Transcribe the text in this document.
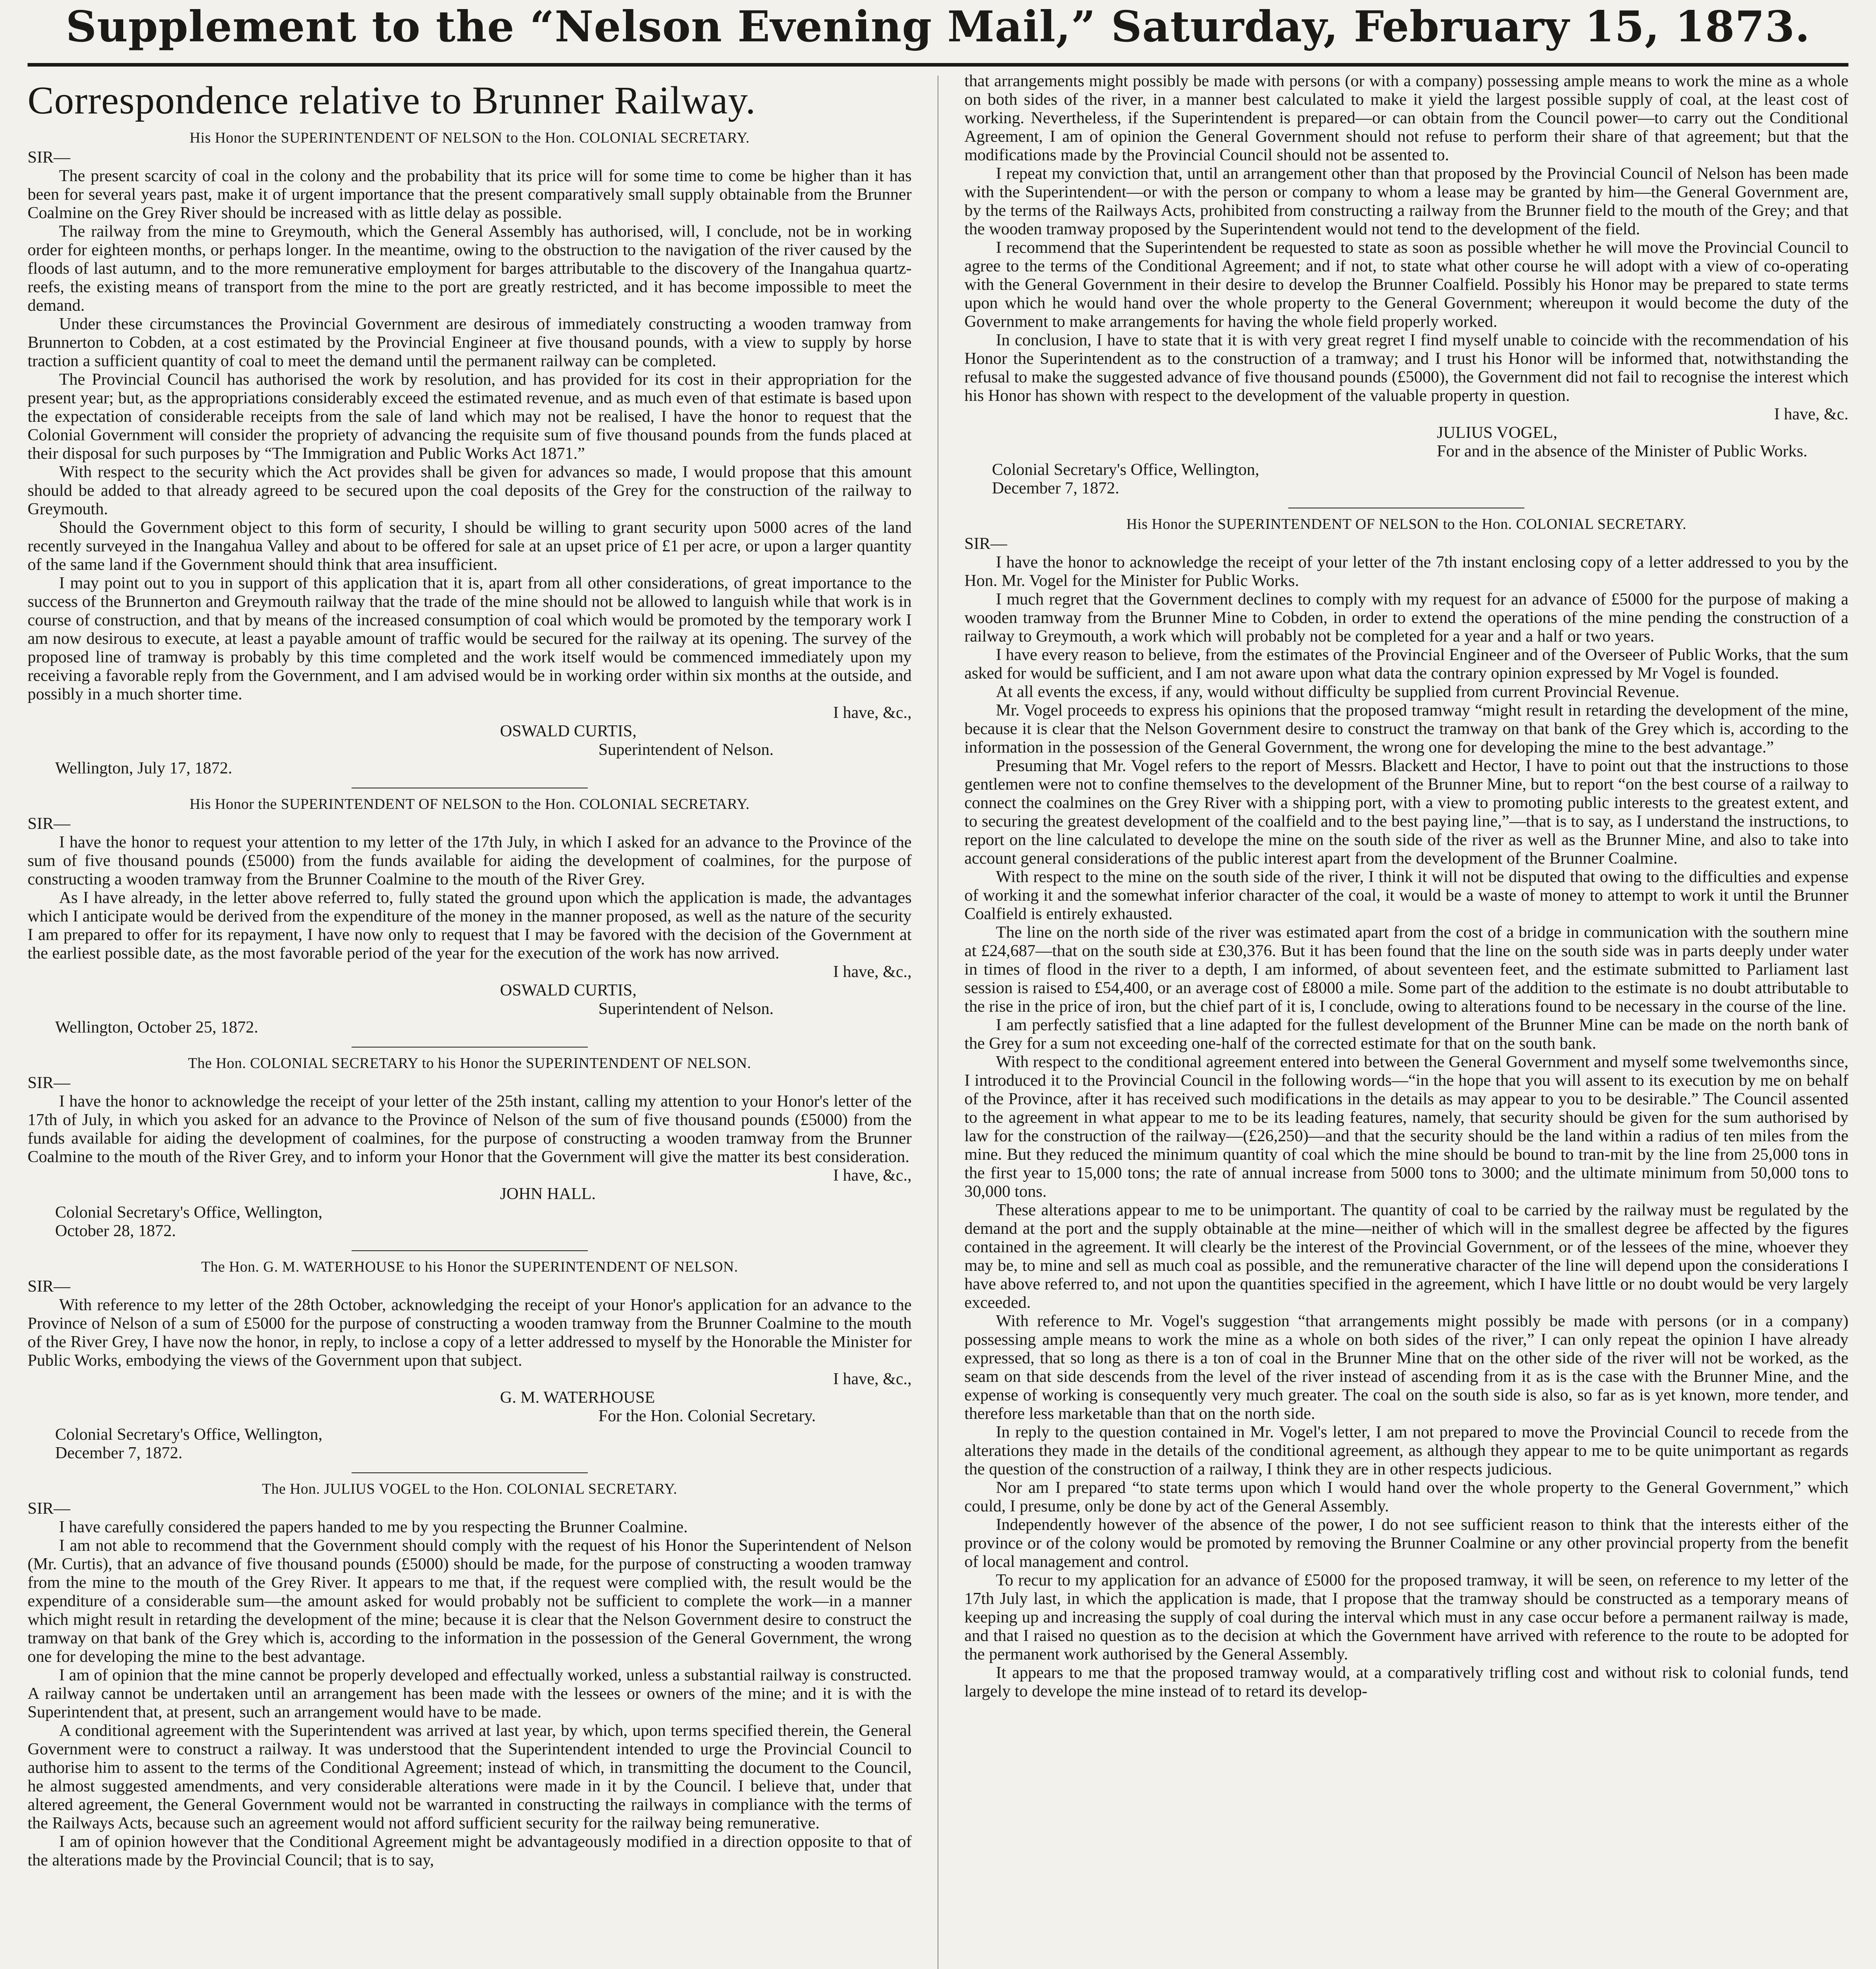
Supplement to the “Nelson Evening Mail,” Saturday, February 15, 1873.
Correspondence relative to Brunner Railway.
His Honor the SUPERINTENDENT OF NELSON to the Hon. COLONIAL SECRETARY.

SIR—

The present scarcity of coal in the colony and the probability that its price will for some time to come be higher than it has been for several years past, make it of urgent importance that the present comparatively small supply obtainable from the Brunner Coalmine on the Grey River should be increased with as little delay as possible.

The railway from the mine to Greymouth, which the General Assembly has authorised, will, I conclude, not be in working order for eighteen months, or perhaps longer. In the meantime, owing to the obstruction to the navigation of the river caused by the floods of last autumn, and to the more remunerative employment for barges attributable to the discovery of the Inangahua quartz-reefs, the existing means of transport from the mine to the port are greatly restricted, and it has become impossible to meet the demand.

Under these circumstances the Provincial Government are desirous of immediately constructing a wooden tramway from Brunnerton to Cobden, at a cost estimated by the Provincial Engineer at five thousand pounds, with a view to supply by horse traction a sufficient quantity of coal to meet the demand until the permanent railway can be completed.

The Provincial Council has authorised the work by resolution, and has provided for its cost in their appropriation for the present year; but, as the appropriations considerably exceed the estimated revenue, and as much even of that estimate is based upon the expectation of considerable receipts from the sale of land which may not be realised, I have the honor to request that the Colonial Government will consider the propriety of advancing the requisite sum of five thousand pounds from the funds placed at their disposal for such purposes by “The Immigration and Public Works Act 1871.”

With respect to the security which the Act provides shall be given for advances so made, I would propose that this amount should be added to that already agreed to be secured upon the coal deposits of the Grey for the construction of the railway to Greymouth.

Should the Government object to this form of security, I should be willing to grant security upon 5000 acres of the land recently surveyed in the Inangahua Valley and about to be offered for sale at an upset price of £1 per acre, or upon a larger quantity of the same land if the Government should think that area insufficient.

I may point out to you in support of this application that it is, apart from all other considerations, of great importance to the success of the Brunnerton and Greymouth railway that the trade of the mine should not be allowed to languish while that work is in course of construction, and that by means of the increased consumption of coal which would be promoted by the temporary work I am now desirous to execute, at least a payable amount of traffic would be secured for the railway at its opening. The survey of the proposed line of tramway is probably by this time completed and the work itself would be commenced immediately upon my receiving a favorable reply from the Government, and I am advised would be in working order within six months at the outside, and possibly in a much shorter time.

I have, &c.,

OSWALD CURTIS,

Superintendent of Nelson.

Wellington, July 17, 1872.

His Honor the SUPERINTENDENT OF NELSON to the Hon. COLONIAL SECRETARY.

SIR—

I have the honor to request your attention to my letter of the 17th July, in which I asked for an advance to the Province of the sum of five thousand pounds (£5000) from the funds available for aiding the development of coalmines, for the purpose of constructing a wooden tramway from the Brunner Coalmine to the mouth of the River Grey.

As I have already, in the letter above referred to, fully stated the ground upon which the application is made, the advantages which I anticipate would be derived from the expenditure of the money in the manner proposed, as well as the nature of the security I am prepared to offer for its repayment, I have now only to request that I may be favored with the decision of the Government at the earliest possible date, as the most favorable period of the year for the execution of the work has now arrived.

I have, &c.,

OSWALD CURTIS,

Superintendent of Nelson.

Wellington, October 25, 1872.

The Hon. COLONIAL SECRETARY to his Honor the SUPERINTENDENT OF NELSON.

SIR—

I have the honor to acknowledge the receipt of your letter of the 25th instant, calling my attention to your Honor's letter of the 17th of July, in which you asked for an advance to the Province of Nelson of the sum of five thousand pounds (£5000) from the funds available for aiding the development of coalmines, for the purpose of constructing a wooden tramway from the Brunner Coalmine to the mouth of the River Grey, and to inform your Honor that the Government will give the matter its best consideration.

I have, &c.,

JOHN HALL.

Colonial Secretary's Office, Wellington,
October 28, 1872.

The Hon. G. M. WATERHOUSE to his Honor the SUPERINTENDENT OF NELSON.

SIR—

With reference to my letter of the 28th October, acknowledging the receipt of your Honor's application for an advance to the Province of Nelson of a sum of £5000 for the purpose of constructing a wooden tramway from the Brunner Coalmine to the mouth of the River Grey, I have now the honor, in reply, to inclose a copy of a letter addressed to myself by the Honorable the Minister for Public Works, embodying the views of the Government upon that subject.

I have, &c.,

G. M. WATERHOUSE

For the Hon. Colonial Secretary.

Colonial Secretary's Office, Wellington,
December 7, 1872.

The Hon. JULIUS VOGEL to the Hon. COLONIAL SECRETARY.

SIR—

I have carefully considered the papers handed to me by you respecting the Brunner Coalmine.

I am not able to recommend that the Government should comply with the request of his Honor the Superintendent of Nelson (Mr. Curtis), that an advance of five thousand pounds (£5000) should be made, for the purpose of constructing a wooden tramway from the mine to the mouth of the Grey River. It appears to me that, if the request were complied with, the result would be the expenditure of a considerable sum—the amount asked for would probably not be sufficient to complete the work—in a manner which might result in retarding the development of the mine; because it is clear that the Nelson Government desire to construct the tramway on that bank of the Grey which is, according to the information in the possession of the General Government, the wrong one for developing the mine to the best advantage.

I am of opinion that the mine cannot be properly developed and effectually worked, unless a substantial railway is constructed. A railway cannot be undertaken until an arrangement has been made with the lessees or owners of the mine; and it is with the Superintendent that, at present, such an arrangement would have to be made.

A conditional agreement with the Superintendent was arrived at last year, by which, upon terms specified therein, the General Government were to construct a railway. It was understood that the Superintendent intended to urge the Provincial Council to authorise him to assent to the terms of the Conditional Agreement; instead of which, in transmitting the document to the Council, he almost suggested amendments, and very considerable alterations were made in it by the Council. I believe that, under that altered agreement, the General Government would not be warranted in constructing the railways in compliance with the terms of the Railways Acts, because such an agreement would not afford sufficient security for the railway being remunerative.

I am of opinion however that the Conditional Agreement might be advantageously modified in a direction opposite to that of the alterations made by the Provincial Council; that is to say,

that arrangements might possibly be made with persons (or with a company) possessing ample means to work the mine as a whole on both sides of the river, in a manner best calculated to make it yield the largest possible supply of coal, at the least cost of working. Nevertheless, if the Superintendent is prepared—or can obtain from the Council power—to carry out the Conditional Agreement, I am of opinion the General Government should not refuse to perform their share of that agreement; but that the modifications made by the Provincial Council should not be assented to.

I repeat my conviction that, until an arrangement other than that proposed by the Provincial Council of Nelson has been made with the Superintendent—or with the person or company to whom a lease may be granted by him—the General Government are, by the terms of the Railways Acts, prohibited from constructing a railway from the Brunner field to the mouth of the Grey; and that the wooden tramway proposed by the Superintendent would not tend to the development of the field.

I recommend that the Superintendent be requested to state as soon as possible whether he will move the Provincial Council to agree to the terms of the Conditional Agreement; and if not, to state what other course he will adopt with a view of co-operating with the General Government in their desire to develop the Brunner Coalfield. Possibly his Honor may be prepared to state terms upon which he would hand over the whole property to the General Government; whereupon it would become the duty of the Government to make arrangements for having the whole field properly worked.

In conclusion, I have to state that it is with very great regret I find myself unable to coincide with the recommendation of his Honor the Superintendent as to the construction of a tramway; and I trust his Honor will be informed that, notwithstanding the refusal to make the suggested advance of five thousand pounds (£5000), the Government did not fail to recognise the interest which his Honor has shown with respect to the development of the valuable property in question.

I have, &c.

JULIUS VOGEL,

For and in the absence of the Minister of Public Works.

Colonial Secretary's Office, Wellington,
December 7, 1872.

His Honor the SUPERINTENDENT OF NELSON to the Hon. COLONIAL SECRETARY.

SIR—

I have the honor to acknowledge the receipt of your letter of the 7th instant enclosing copy of a letter addressed to you by the Hon. Mr. Vogel for the Minister for Public Works.

I much regret that the Government declines to comply with my request for an advance of £5000 for the purpose of making a wooden tramway from the Brunner Mine to Cobden, in order to extend the operations of the mine pending the construction of a railway to Greymouth, a work which will probably not be completed for a year and a half or two years.

I have every reason to believe, from the estimates of the Provincial Engineer and of the Overseer of Public Works, that the sum asked for would be sufficient, and I am not aware upon what data the contrary opinion expressed by Mr Vogel is founded.

At all events the excess, if any, would without difficulty be supplied from current Provincial Revenue.

Mr. Vogel proceeds to express his opinions that the proposed tramway “might result in retarding the development of the mine, because it is clear that the Nelson Government desire to construct the tramway on that bank of the Grey which is, according to the information in the possession of the General Government, the wrong one for developing the mine to the best advantage.”

Presuming that Mr. Vogel refers to the report of Messrs. Blackett and Hector, I have to point out that the instructions to those gentlemen were not to confine themselves to the development of the Brunner Mine, but to report “on the best course of a railway to connect the coalmines on the Grey River with a shipping port, with a view to promoting public interests to the greatest extent, and to securing the greatest development of the coalfield and to the best paying line,”—that is to say, as I understand the instructions, to report on the line calculated to develope the mine on the south side of the river as well as the Brunner Mine, and also to take into account general considerations of the public interest apart from the development of the Brunner Coalmine.

With respect to the mine on the south side of the river, I think it will not be disputed that owing to the difficulties and expense of working it and the somewhat inferior character of the coal, it would be a waste of money to attempt to work it until the Brunner Coalfield is entirely exhausted.

The line on the north side of the river was estimated apart from the cost of a bridge in communication with the southern mine at £24,687—that on the south side at £30,376. But it has been found that the line on the south side was in parts deeply under water in times of flood in the river to a depth, I am informed, of about seventeen feet, and the estimate submitted to Parliament last session is raised to £54,400, or an average cost of £8000 a mile. Some part of the addition to the estimate is no doubt attributable to the rise in the price of iron, but the chief part of it is, I conclude, owing to alterations found to be necessary in the course of the line.

I am perfectly satisfied that a line adapted for the fullest development of the Brunner Mine can be made on the north bank of the Grey for a sum not exceeding one-half of the corrected estimate for that on the south bank.

With respect to the conditional agreement entered into between the General Government and myself some twelvemonths since, I introduced it to the Provincial Council in the following words—“in the hope that you will assent to its execution by me on behalf of the Province, after it has received such modifications in the details as may appear to you to be desirable.” The Council assented to the agreement in what appear to me to be its leading features, namely, that security should be given for the sum authorised by law for the construction of the railway—(£26,250)—and that the security should be the land within a radius of ten miles from the mine. But they reduced the minimum quantity of coal which the mine should be bound to tran-mit by the line from 25,000 tons in the first year to 15,000 tons; the rate of annual increase from 5000 tons to 3000; and the ultimate minimum from 50,000 tons to 30,000 tons.

These alterations appear to me to be unimportant. The quantity of coal to be carried by the railway must be regulated by the demand at the port and the supply obtainable at the mine—neither of which will in the smallest degree be affected by the figures contained in the agreement. It will clearly be the interest of the Provincial Government, or of the lessees of the mine, whoever they may be, to mine and sell as much coal as possible, and the remunerative character of the line will depend upon the considerations I have above referred to, and not upon the quantities specified in the agreement, which I have little or no doubt would be very largely exceeded.

With reference to Mr. Vogel's suggestion “that arrangements might possibly be made with persons (or in a company) possessing ample means to work the mine as a whole on both sides of the river,” I can only repeat the opinion I have already expressed, that so long as there is a ton of coal in the Brunner Mine that on the other side of the river will not be worked, as the seam on that side descends from the level of the river instead of ascending from it as is the case with the Brunner Mine, and the expense of working is consequently very much greater. The coal on the south side is also, so far as is yet known, more tender, and therefore less marketable than that on the north side.

In reply to the question contained in Mr. Vogel's letter, I am not prepared to move the Provincial Council to recede from the alterations they made in the details of the conditional agreement, as although they appear to me to be quite unimportant as regards the question of the construction of a railway, I think they are in other respects judicious.

Nor am I prepared “to state terms upon which I would hand over the whole property to the General Government,” which could, I presume, only be done by act of the General Assembly.

Independently however of the absence of the power, I do not see sufficient reason to think that the interests either of the province or of the colony would be promoted by removing the Brunner Coalmine or any other provincial property from the benefit of local management and control.

To recur to my application for an advance of £5000 for the proposed tramway, it will be seen, on reference to my letter of the 17th July last, in which the application is made, that I propose that the tramway should be constructed as a temporary means of keeping up and increasing the supply of coal during the interval which must in any case occur before a permanent railway is made, and that I raised no question as to the decision at which the Government have arrived with reference to the route to be adopted for the permanent work authorised by the General Assembly.

It appears to me that the proposed tramway would, at a comparatively trifling cost and without risk to colonial funds, tend largely to develope the mine instead of to retard its develop-
